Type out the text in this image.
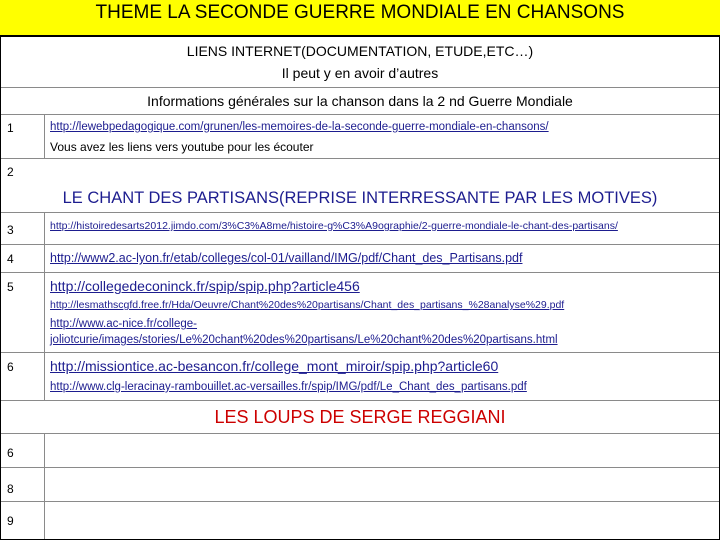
THEME LA SECONDE GUERRE MONDIALE EN CHANSONS
LIENS INTERNET(DOCUMENTATION, ETUDE,ETC…)
Il peut y en avoir d’autres
Informations générales sur la chanson dans la 2 nd Guerre Mondiale
1	http://lewebpedagogique.com/grunen/les-memoires-de-la-seconde-guerre-mondiale-en-chansons/
Vous avez les liens vers youtube pour les écouter
2
LE CHANT DES PARTISANS(REPRISE INTERRESSANTE PAR LES MOTIVES)
3	http://histoiredesarts2012.jimdo.com/3%C3%A8me/histoire-g%C3%A9ographie/2-guerre-mondiale-le-chant-des-partisans/
4	http://www2.ac-lyon.fr/etab/colleges/col-01/vailland/IMG/pdf/Chant_des_Partisans.pdf
5	http://collegedeconinck.fr/spip/spip.php?article456
http://lesmathscgfd.free.fr/Hda/Oeuvre/Chant%20des%20partisans/Chant_des_partisans_%28analyse%29.pdf
http://www.ac-nice.fr/college-
joliotcurie/images/stories/Le%20chant%20des%20partisans/Le%20chant%20des%20partisans.html
6	http://missiontice.ac-besancon.fr/college_mont_miroir/spip.php?article60
http://www.clg-leracinay-rambouillet.ac-versailles.fr/spip/IMG/pdf/Le_Chant_des_partisans.pdf
LES LOUPS DE SERGE REGGIANI
6
8
9
